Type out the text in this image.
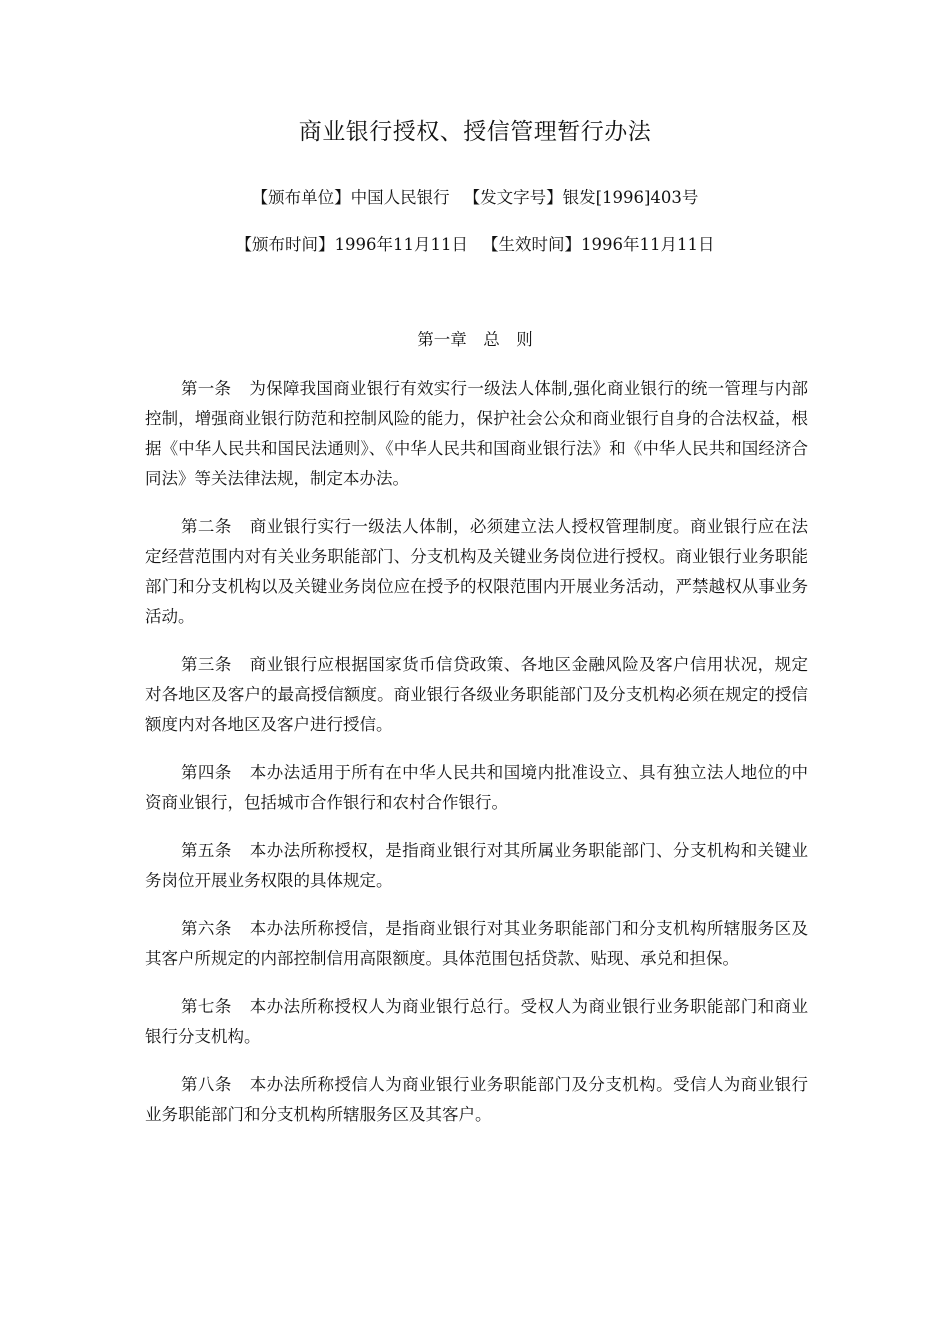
商业银行授权、授信管理暂行办法
【颁布单位】中国人民银行 【发文字号】银发[1996]403号
【颁布时间】1996年11月11日 【生效时间】1996年11月11日
第一章　总　则

第一条 为保障我国商业银行有效实行一级法人体制,强化商业银行的统一管理与内部控制，增强商业银行防范和控制风险的能力，保护社会公众和商业银行自身的合法权益，根据《中华人民共和国民法通则》、《中华人民共和国商业银行法》和《中华人民共和国经济合同法》等关法律法规，制定本办法。

第二条 商业银行实行一级法人体制，必须建立法人授权管理制度。商业银行应在法定经营范围内对有关业务职能部门、分支机构及关键业务岗位进行授权。商业银行业务职能部门和分支机构以及关键业务岗位应在授予的权限范围内开展业务活动，严禁越权从事业务活动。

第三条 商业银行应根据国家货币信贷政策、各地区金融风险及客户信用状况，规定对各地区及客户的最高授信额度。商业银行各级业务职能部门及分支机构必须在规定的授信额度内对各地区及客户进行授信。

第四条 本办法适用于所有在中华人民共和国境内批准设立、具有独立法人地位的中资商业银行，包括城市合作银行和农村合作银行。

第五条 本办法所称授权，是指商业银行对其所属业务职能部门、分支机构和关键业务岗位开展业务权限的具体规定。

第六条 本办法所称授信，是指商业银行对其业务职能部门和分支机构所辖服务区及其客户所规定的内部控制信用高限额度。具体范围包括贷款、贴现、承兑和担保。

第七条 本办法所称授权人为商业银行总行。受权人为商业银行业务职能部门和商业银行分支机构。

第八条 本办法所称授信人为商业银行业务职能部门及分支机构。受信人为商业银行业务职能部门和分支机构所辖服务区及其客户。
